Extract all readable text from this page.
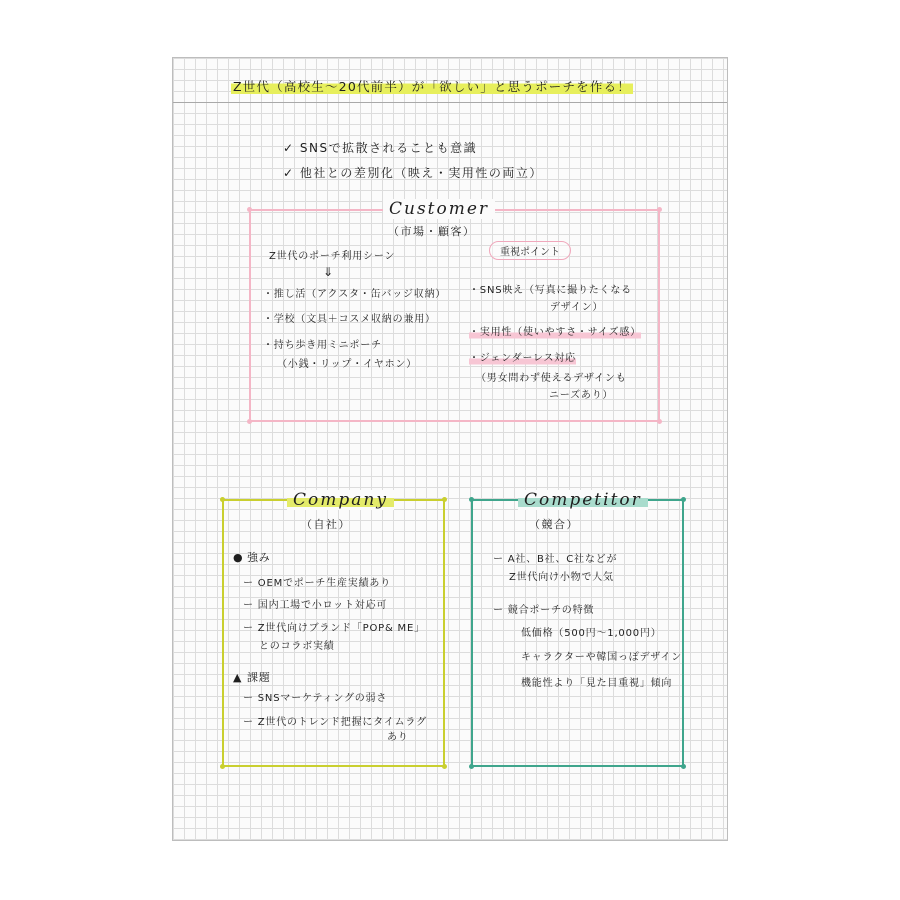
Z世代（高校生〜20代前半）が「欲しい」と思うポーチを作る！
✓ SNSで拡散されることも意識
✓ 他社との差別化（映え・実用性の両立）
Customer
（市場・顧客）
Z世代のポーチ利用シーン
⇓
・推し活（アクスタ・缶バッジ収納）
・学校（文具＋コスメ収納の兼用）
・持ち歩き用ミニポーチ
（小銭・リップ・イヤホン）
重視ポイント
・SNS映え（写真に撮りたくなる
デザイン）
・実用性（使いやすさ・サイズ感）
・ジェンダーレス対応
（男女問わず使えるデザインも
ニーズあり）
Company
（自社）
● 強み
ー OEMでポーチ生産実績あり
ー 国内工場で小ロット対応可
ー Z世代向けブランド「POP& ME」
とのコラボ実績
▲ 課題
ー SNSマーケティングの弱さ
ー Z世代のトレンド把握にタイムラグ
あり
Competitor
（競合）
ー A社、B社、C社などが
Z世代向け小物で人気
ー 競合ポーチの特徴
低価格（500円〜1,000円）
キャラクターや韓国っぽデザイン
機能性より「見た目重視」傾向
